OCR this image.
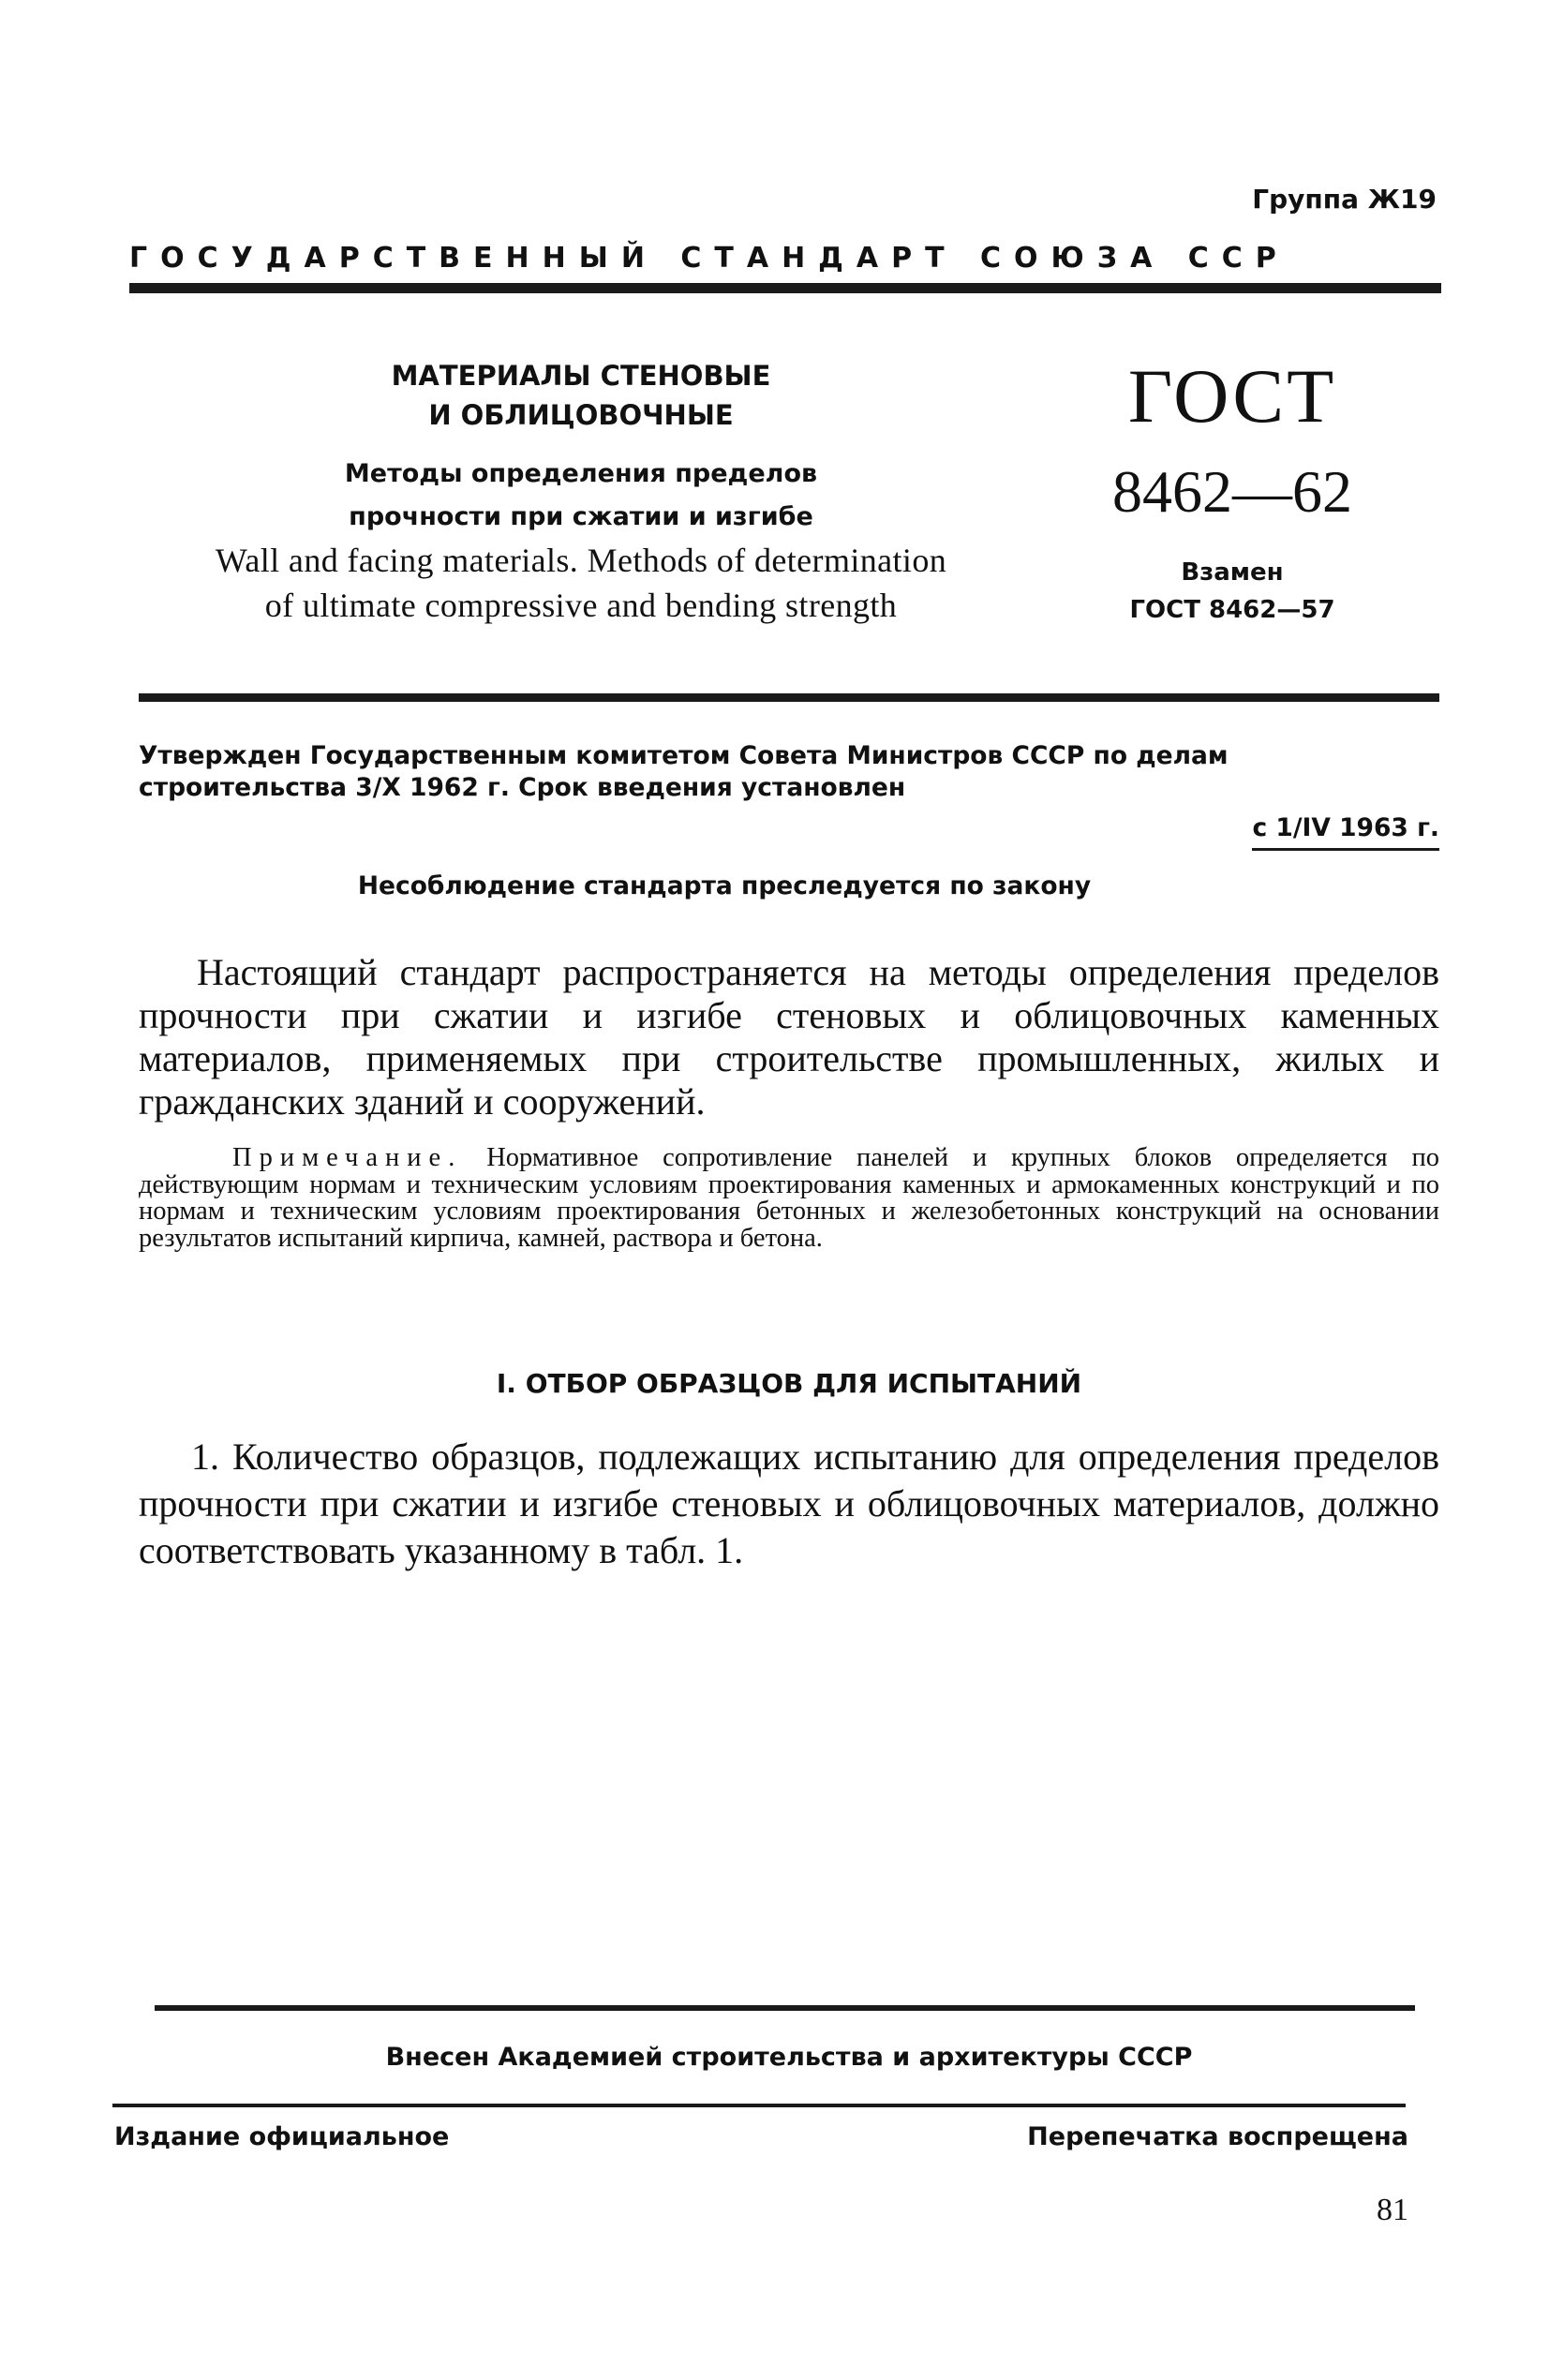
Группа Ж19
ГОСУДАРСТВЕННЫЙ СТАНДАРТ СОЮЗА ССР
МАТЕРИАЛЫ СТЕНОВЫЕ
И ОБЛИЦОВОЧНЫЕ
Методы определения пределов
прочности при сжатии и изгибе
Wall and facing materials. Methods of determination
of ultimate compressive and bending strength
ГОСТ
8462—62
Взамен
ГОСТ 8462—57
Утвержден Государственным комитетом Совета Министров СССР по делам строительства 3/X 1962 г. Срок введения установлен
с 1/IV 1963 г.
Несоблюдение стандарта преследуется по закону
Настоящий стандарт распространяется на методы определения пределов прочности при сжатии и изгибе стеновых и облицовочных каменных материалов, применяемых при строительстве промышленных, жилых и гражданских зданий и сооружений.
Примечание. Нормативное сопротивление панелей и крупных блоков определяется по действующим нормам и техническим условиям проектирования каменных и армокаменных конструкций и по нормам и техническим условиям проектирования бетонных и железобетонных конструкций на основании результатов испытаний кирпича, камней, раствора и бетона.
I. ОТБОР ОБРАЗЦОВ ДЛЯ ИСПЫТАНИЙ
1. Количество образцов, подлежащих испытанию для определения пределов прочности при сжатии и изгибе стеновых и облицовочных материалов, должно соответствовать указанному в табл. 1.
Внесен Академией строительства и архитектуры СССР
Издание официальное	Перепечатка воспрещена
81
